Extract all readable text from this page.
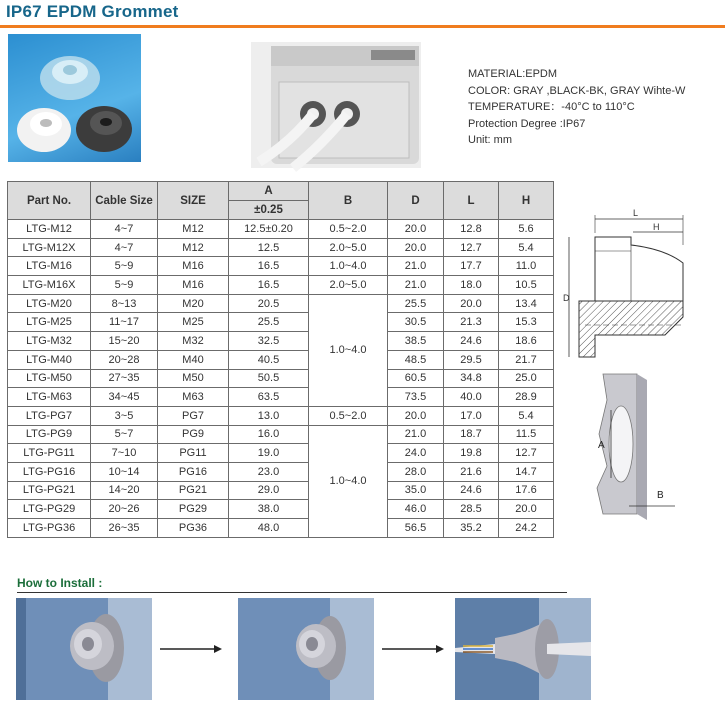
IP67 EPDM Grommet
MATERIAL:EPDM
COLOR: GRAY ,BLACK-BK, GRAY Wihte-W
TEMPERATURE：-40°C to 110°C
Protection Degree :IP67
Unit: mm
Part No.	Cable Size	SIZE	A	B	D	L	H
			±0.25				
LTG-M12	4~7	M12	12.5±0.20	0.5~2.0	20.0	12.8	5.6
LTG-M12X	4~7	M12	12.5	2.0~5.0	20.0	12.7	5.4
LTG-M16	5~9	M16	16.5	1.0~4.0	21.0	17.7	11.0
LTG-M16X	5~9	M16	16.5	2.0~5.0	21.0	18.0	10.5
LTG-M20	8~13	M20	20.5	1.0~4.0	25.5	20.0	13.4
LTG-M25	11~17	M25	25.5		30.5	21.3	15.3
LTG-M32	15~20	M32	32.5		38.5	24.6	18.6
LTG-M40	20~28	M40	40.5		48.5	29.5	21.7
LTG-M50	27~35	M50	50.5		60.5	34.8	25.0
LTG-M63	34~45	M63	63.5		73.5	40.0	28.9
LTG-PG7	3~5	PG7	13.0	0.5~2.0	20.0	17.0	5.4
LTG-PG9	5~7	PG9	16.0	1.0~4.0	21.0	18.7	11.5
LTG-PG11	7~10	PG11	19.0		24.0	19.8	12.7
LTG-PG16	10~14	PG16	23.0		28.0	21.6	14.7
LTG-PG21	14~20	PG21	29.0		35.0	24.6	17.6
LTG-PG29	20~26	PG29	38.0		46.0	28.5	20.0
LTG-PG36	26~35	PG36	48.0		56.5	35.2	24.2
L
H
D
A
B
How to Install :
